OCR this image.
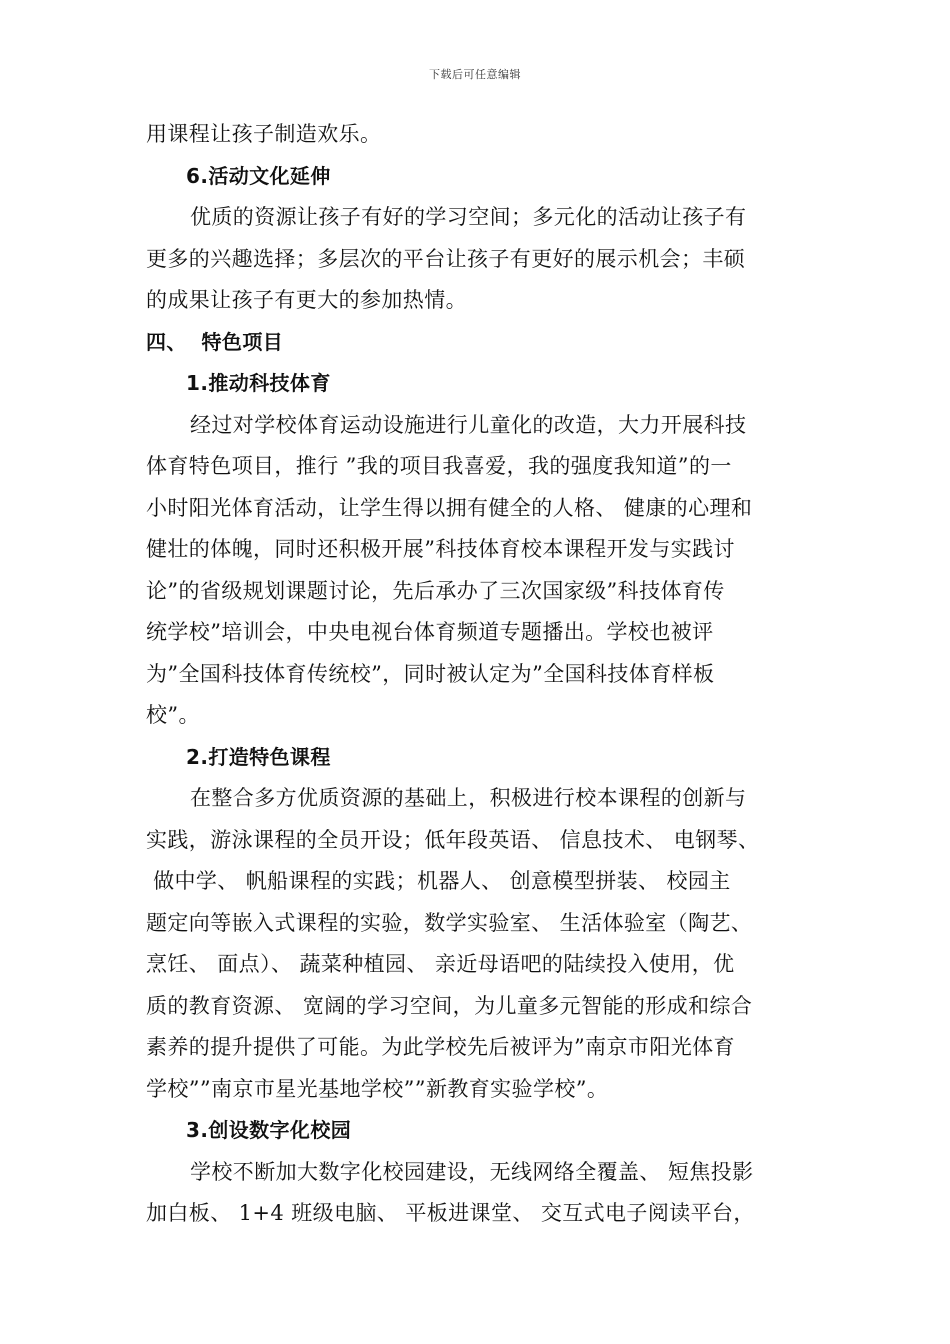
下载后可任意编辑
用课程让孩子制造欢乐。
6.活动文化延伸
优质的资源让孩子有好的学习空间；多元化的活动让孩子有
更多的兴趣选择；多层次的平台让孩子有更好的展示机会；丰硕
的成果让孩子有更大的参加热情。
四、  特色项目
1.推动科技体育
经过对学校体育运动设施进行儿童化的改造，大力开展科技
体育特色项目，推行 ”我的项目我喜爱，我的强度我知道”的一
小时阳光体育活动，让学生得以拥有健全的人格、 健康的心理和
健壮的体魄，同时还积极开展”科技体育校本课程开发与实践讨
论”的省级规划课题讨论，先后承办了三次国家级”科技体育传
统学校”培训会，中央电视台体育频道专题播出。学校也被评
为”全国科技体育传统校”，同时被认定为”全国科技体育样板
校”。
2.打造特色课程
在整合多方优质资源的基础上，积极进行校本课程的创新与
实践，游泳课程的全员开设；低年段英语、 信息技术、 电钢琴、
做中学、 帆船课程的实践；机器人、 创意模型拼装、 校园主
题定向等嵌入式课程的实验，数学实验室、 生活体验室（陶艺、
烹饪、 面点）、 蔬菜种植园、 亲近母语吧的陆续投入使用，优
质的教育资源、 宽阔的学习空间，为儿童多元智能的形成和综合
素养的提升提供了可能。为此学校先后被评为”南京市阳光体育
学校””南京市星光基地学校””新教育实验学校”。
3.创设数字化校园
学校不断加大数字化校园建设，无线网络全覆盖、 短焦投影
加白板、 1+4 班级电脑、 平板进课堂、 交互式电子阅读平台，
